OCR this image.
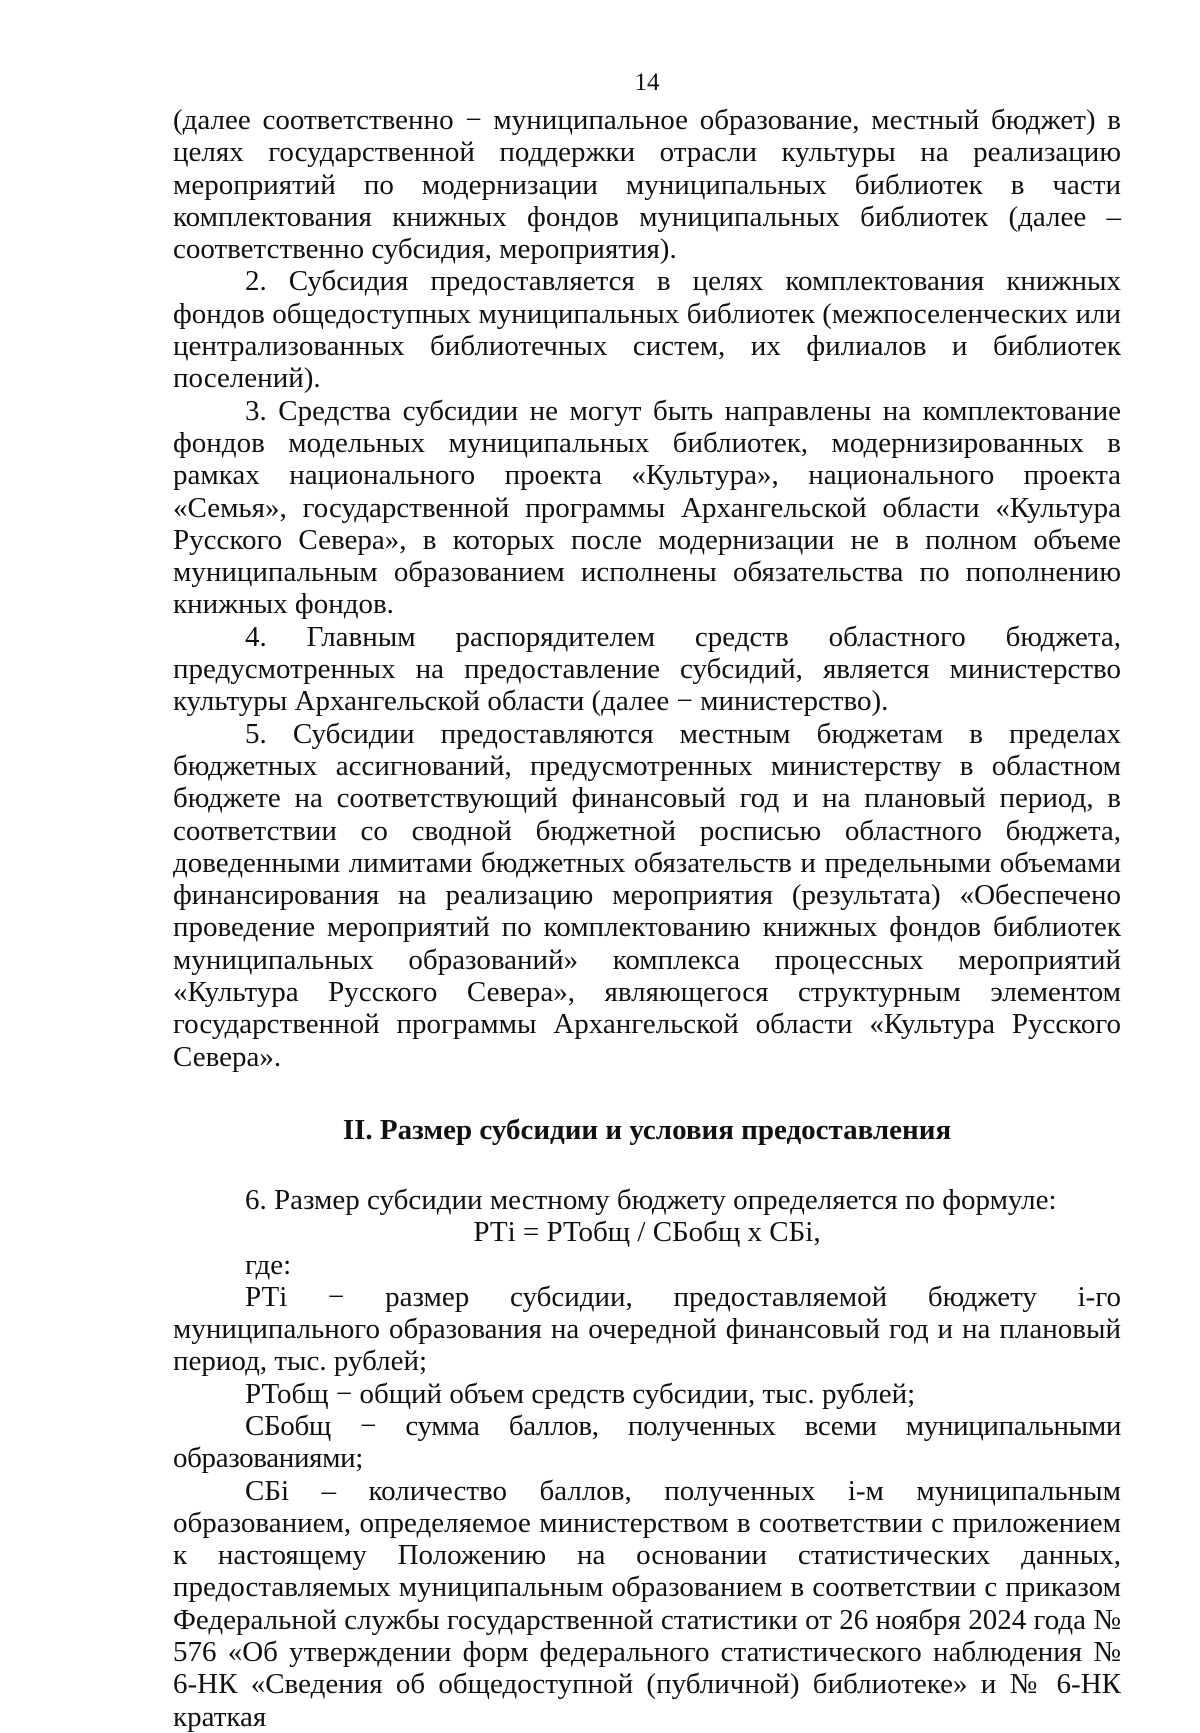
14

(далее соответственно − муниципальное образование, местный бюджет) в целях государственной поддержки отрасли культуры на реализацию мероприятий по модернизации муниципальных библиотек в части комплектования книжных фондов муниципальных библиотек (далее – соответственно субсидия, мероприятия).

2. Субсидия предоставляется в целях комплектования книжных фондов общедоступных муниципальных библиотек (межпоселенческих или централизованных библиотечных систем, их филиалов и библиотек поселений).

3. Средства субсидии не могут быть направлены на комплектование фондов модельных муниципальных библиотек, модернизированных в рамках национального проекта «Культура», национального проекта «Семья», государственной программы Архангельской области «Культура Русского Севера», в которых после модернизации не в полном объеме муниципальным образованием исполнены обязательства по пополнению книжных фондов.

4. Главным распорядителем средств областного бюджета, предусмотренных на предоставление субсидий, является министерство культуры Архангельской области (далее − министерство).

5. Субсидии предоставляются местным бюджетам в пределах бюджетных ассигнований, предусмотренных министерству в областном бюджете на соответствующий финансовый год и на плановый период, в соответствии со сводной бюджетной росписью областного бюджета, доведенными лимитами бюджетных обязательств и предельными объемами финансирования на реализацию мероприятия (результата) «Обеспечено проведение мероприятий по комплектованию книжных фондов библиотек муниципальных образований» комплекса процессных мероприятий «Культура Русского Севера», являющегося структурным элементом государственной программы Архангельской области «Культура Русского Севера».

II. Размер субсидии и условия предоставления

6. Размер субсидии местному бюджету определяется по формуле:

РТi = РТобщ / СБобщ х СБi,

где:

РТi − размер субсидии, предоставляемой бюджету i-го муниципального образования на очередной финансовый год и на плановый период, тыс. рублей;

РТобщ − общий объем средств субсидии, тыс. рублей;

СБобщ − сумма баллов, полученных всеми муниципальными образованиями;

СБi – количество баллов, полученных i-м муниципальным образованием, определяемое министерством в соответствии с приложением к настоящему Положению на основании статистических данных, предоставляемых муниципальным образованием в соответствии с приказом Федеральной службы государственной статистики от 26 ноября 2024 года № 576 «Об утверждении форм федерального статистического наблюдения № 6-НК «Сведения об общедоступной (публичной) библиотеке» и № 6-НК краткая
